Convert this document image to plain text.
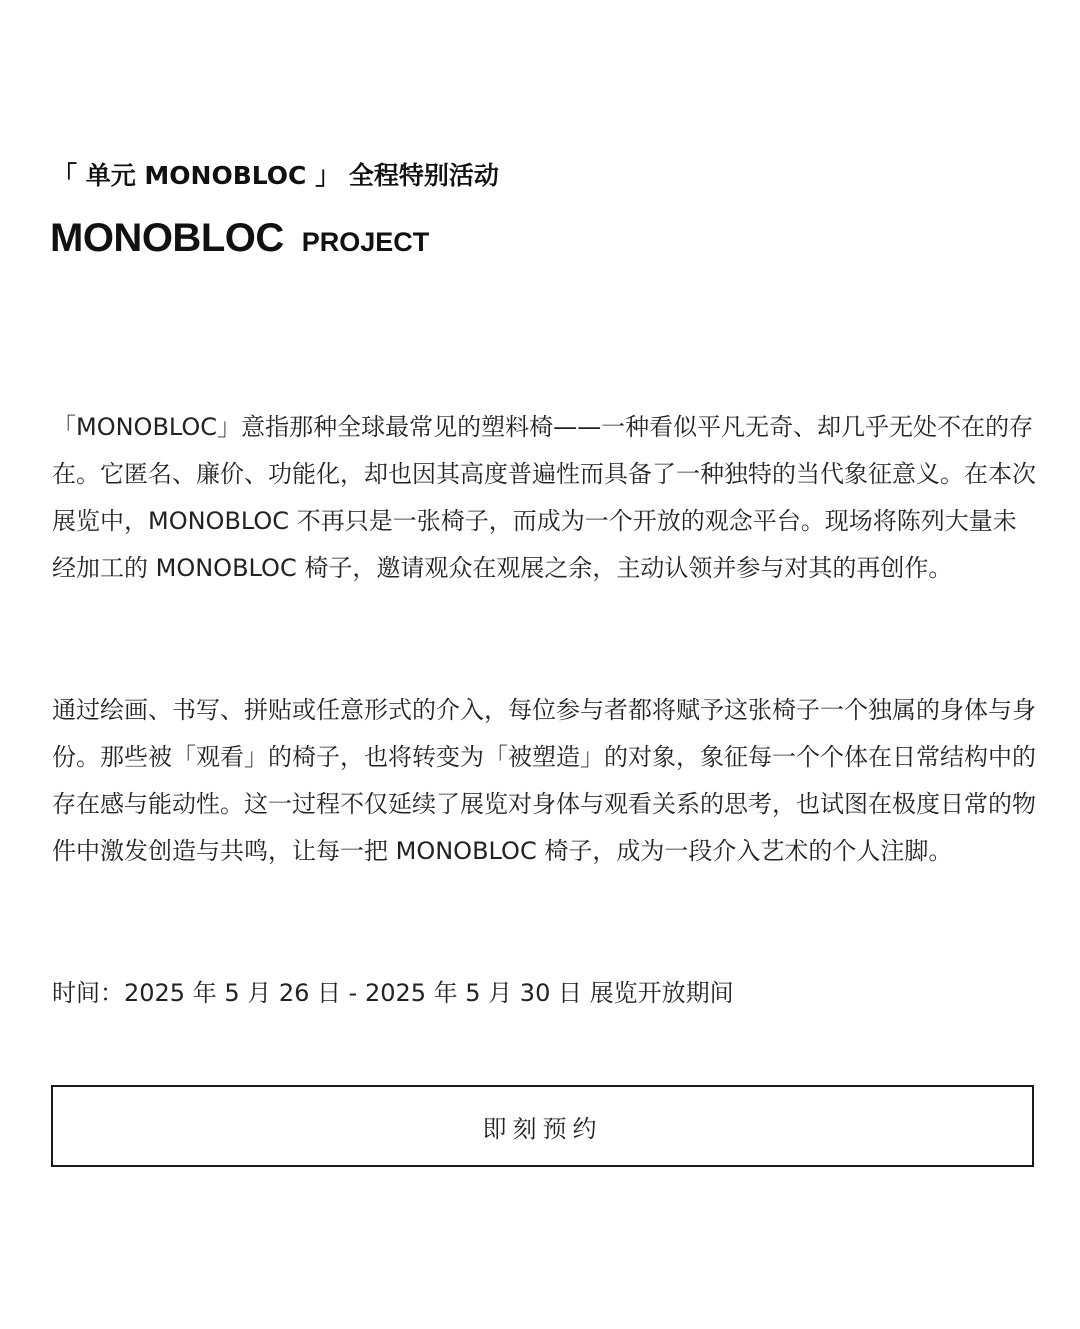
「 单元 MONOBLOC 」 全程特别活动
MONOBLOC PROJECT

「MONOBLOC」意指那种全球最常见的塑料椅——一种看似平凡无奇、却几乎无处不在的存在。它匿名、廉价、功能化，却也因其高度普遍性而具备了一种独特的当代象征意义。在本次展览中，MONOBLOC 不再只是一张椅子，而成为一个开放的观念平台。现场将陈列大量未经加工的 MONOBLOC 椅子，邀请观众在观展之余，主动认领并参与对其的再创作。

通过绘画、书写、拼贴或任意形式的介入，每位参与者都将赋予这张椅子一个独属的身体与身份。那些被「观看」的椅子，也将转变为「被塑造」的对象，象征每一个个体在日常结构中的存在感与能动性。这一过程不仅延续了展览对身体与观看关系的思考，也试图在极度日常的物件中激发创造与共鸣，让每一把 MONOBLOC 椅子，成为一段介入艺术的个人注脚。

时间：2025 年 5 月 26 日 - 2025 年 5 月 30 日 展览开放期间
即刻预约
